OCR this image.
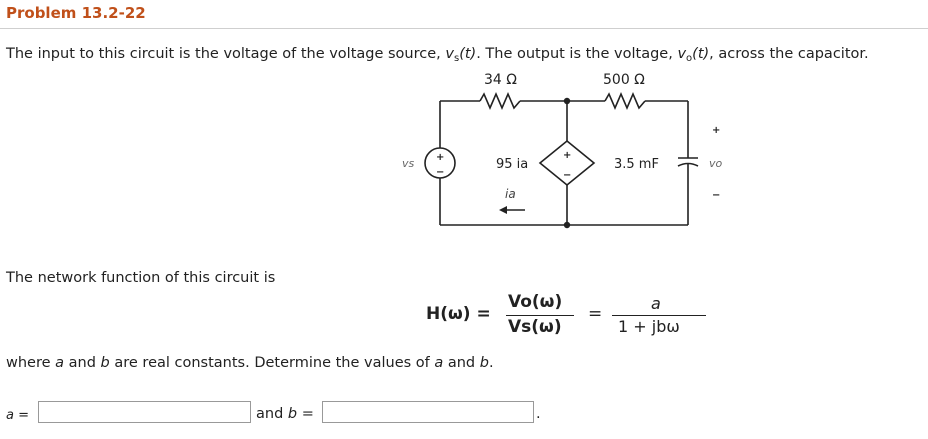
Problem 13.2-22
The input to this circuit is the voltage of the voltage source, $v_s(t)$. The output is the voltage, $v_o(t)$, across the capacitor.
34 Ω	500 Ω
vs +
−
+
−
95 ia
ia
3.5 mF
+
vo
−
The network function of this circuit is
H(ω) =
Vo(ω)
Vs(ω)
=
a
1 + jbω
where a and b are real constants. Determine the values of a and b.
a =	and b =	.
